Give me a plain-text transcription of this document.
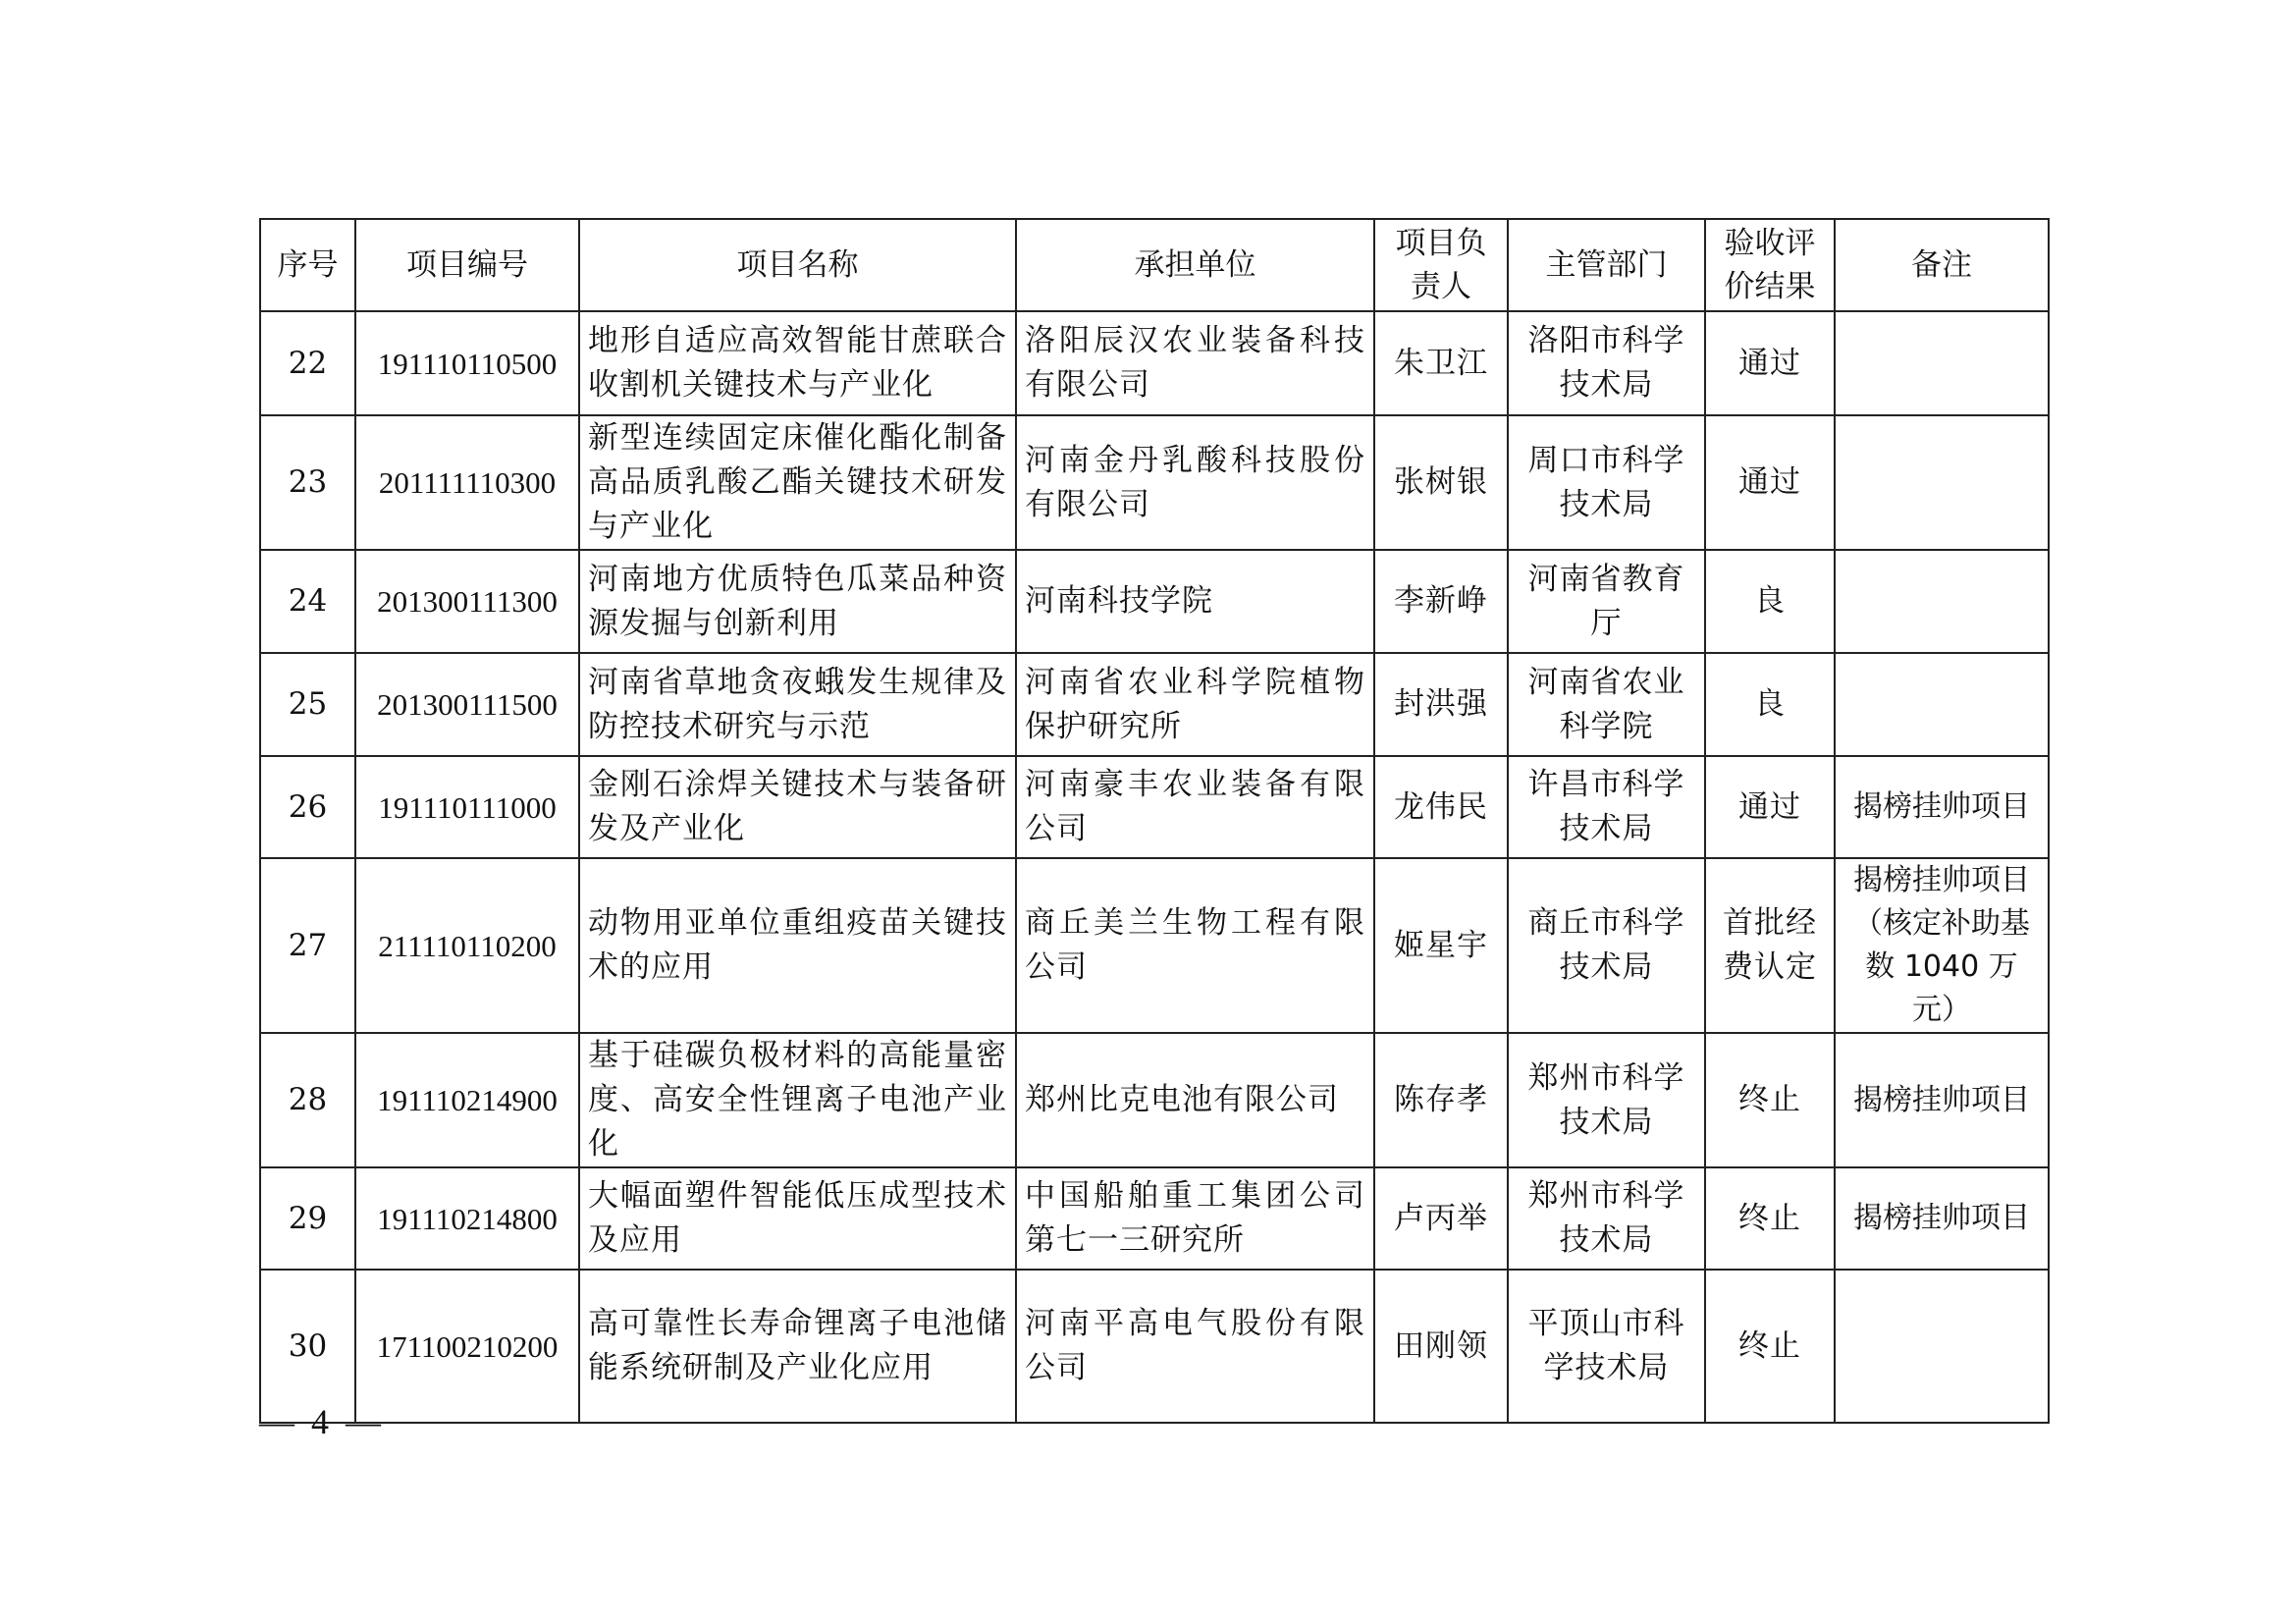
序号	项目编号	项目名称	承担单位	项目负责人	主管部门	验收评价结果	备注
22	191110110500	地形自适应高效智能甘蔗联合收割机关键技术与产业化	洛阳辰汉农业装备科技有限公司	朱卫江	洛阳市科学技术局	通过	
23	201111110300	新型连续固定床催化酯化制备高品质乳酸乙酯关键技术研发与产业化	河南金丹乳酸科技股份有限公司	张树银	周口市科学技术局	通过	
24	201300111300	河南地方优质特色瓜菜品种资源发掘与创新利用	河南科技学院	李新峥	河南省教育厅	良	
25	201300111500	河南省草地贪夜蛾发生规律及防控技术研究与示范	河南省农业科学院植物保护研究所	封洪强	河南省农业科学院	良	
26	191110111000	金刚石涂焊关键技术与装备研发及产业化	河南豪丰农业装备有限公司	龙伟民	许昌市科学技术局	通过	揭榜挂帅项目
27	211110110200	动物用亚单位重组疫苗关键技术的应用	商丘美兰生物工程有限公司	姬星宇	商丘市科学技术局	首批经费认定	揭榜挂帅项目（核定补助基数 1040 万元）
28	191110214900	基于硅碳负极材料的高能量密度、高安全性锂离子电池产业化	郑州比克电池有限公司	陈存孝	郑州市科学技术局	终止	揭榜挂帅项目
29	191110214800	大幅面塑件智能低压成型技术及应用	中国船舶重工集团公司第七一三研究所	卢丙举	郑州市科学技术局	终止	揭榜挂帅项目
30	171100210200	高可靠性长寿命锂离子电池储能系统研制及产业化应用	河南平高电气股份有限公司	田刚领	平顶山市科学技术局	终止	
— 4 —
